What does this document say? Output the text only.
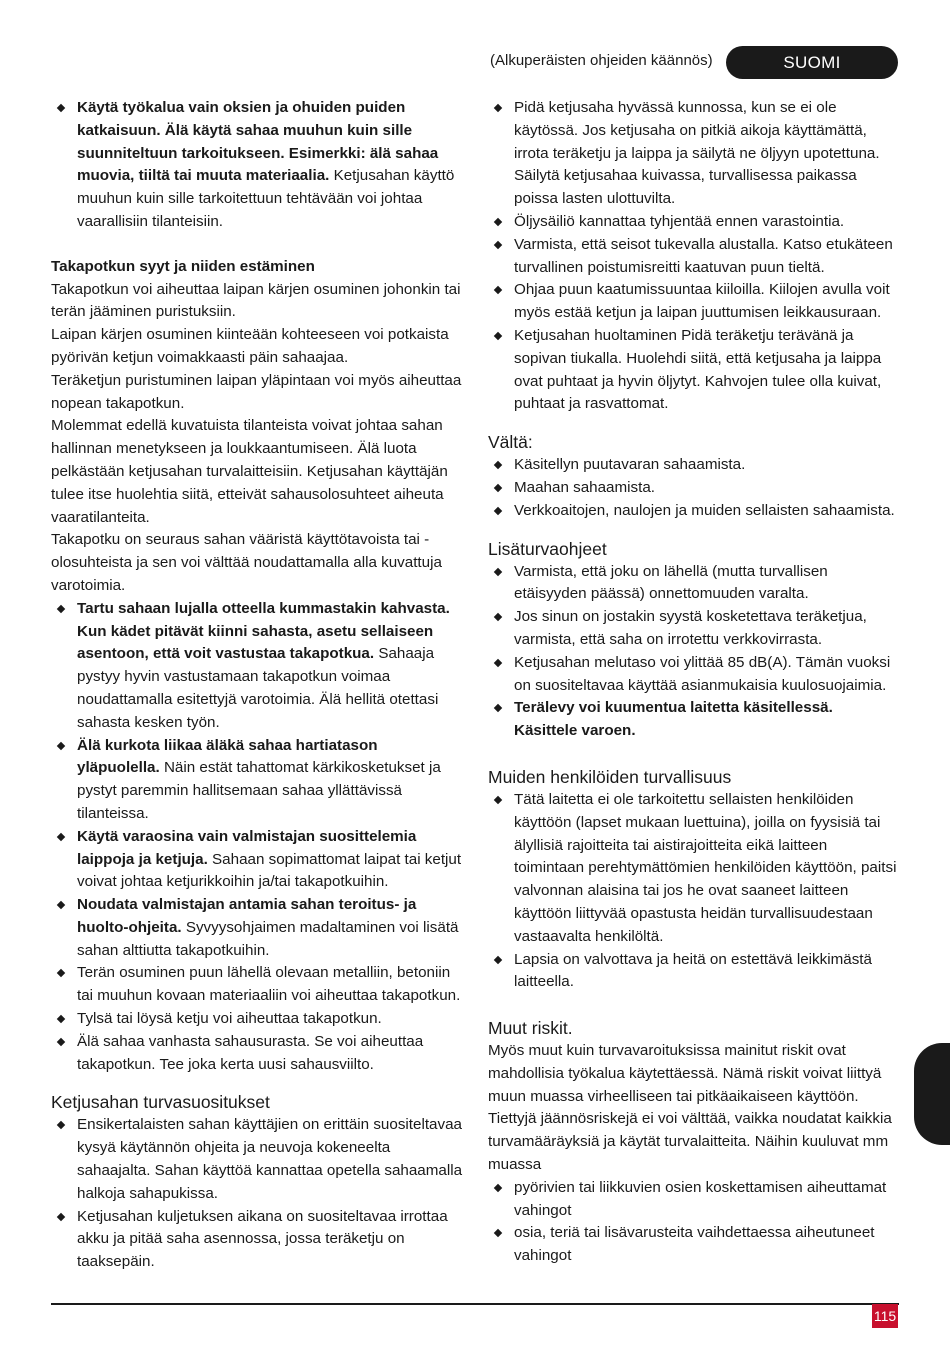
(Alkuperäisten ohjeiden käännös)	SUOMI
Käytä työkalua vain oksien ja ohuiden puiden katkaisuun. Älä käytä sahaa muuhun kuin sille suunniteltuun tarkoitukseen. Esimerkki: älä sahaa muovia, tiiltä tai muuta materiaalia. Ketjusahan käyttö muuhun kuin sille tarkoitettuun tehtävään voi johtaa vaarallisiin tilanteisiin.
Takapotkun syyt ja niiden estäminen

Takapotkun voi aiheuttaa laipan kärjen osuminen johonkin tai terän jääminen puristuksiin.

Laipan kärjen osuminen kiinteään kohteeseen voi potkaista pyörivän ketjun voimakkaasti päin sahaajaa.

Teräketjun puristuminen laipan yläpintaan voi myös aiheuttaa nopean takapotkun.

Molemmat edellä kuvatuista tilanteista voivat johtaa sahan hallinnan menetykseen ja loukkaantumiseen. Älä luota pelkästään ketjusahan turvalaitteisiin. Ketjusahan käyttäjän tulee itse huolehtia siitä, etteivät sahausolosuhteet aiheuta vaaratilanteita.

Takapotku on seuraus sahan vääristä käyttötavoista tai -olosuhteista ja sen voi välttää noudattamalla alla kuvattuja varotoimia.

Tartu sahaan lujalla otteella kummastakin kahvasta. Kun kädet pitävät kiinni sahasta, asetu sellaiseen asentoon, että voit vastustaa takapotkua. Sahaaja pystyy hyvin vastustamaan takapotkun voimaa noudattamalla esitettyjä varotoimia. Älä hellitä otettasi sahasta kesken työn.
Älä kurkota liikaa äläkä sahaa hartiatason yläpuolella. Näin estät tahattomat kärkikosketukset ja pystyt paremmin hallitsemaan sahaa yllättävissä tilanteissa.
Käytä varaosina vain valmistajan suosittelemia laippoja ja ketjuja. Sahaan sopimattomat laipat tai ketjut voivat johtaa ketjurikkoihin ja/tai takapotkuihin.
Noudata valmistajan antamia sahan teroitus- ja huolto-ohjeita. Syvyysohjaimen madaltaminen voi lisätä sahan alttiutta takapotkuihin.
Terän osuminen puun lähellä olevaan metalliin, betoniin tai muuhun kovaan materiaaliin voi aiheuttaa takapotkun.
Tylsä tai löysä ketju voi aiheuttaa takapotkun.
Älä sahaa vanhasta sahausurasta. Se voi aiheuttaa takapotkun. Tee joka kerta uusi sahausviilto.
Ketjusahan turvasuositukset
Ensikertalaisten sahan käyttäjien on erittäin suositeltavaa kysyä käytännön ohjeita ja neuvoja kokeneelta sahaajalta. Sahan käyttöä kannattaa opetella sahaamalla halkoja sahapukissa.
Ketjusahan kuljetuksen aikana on suositeltavaa irrottaa akku ja pitää saha asennossa, jossa teräketju on taaksepäin.
Pidä ketjusaha hyvässä kunnossa, kun se ei ole käytössä. Jos ketjusaha on pitkiä aikoja käyttämättä, irrota teräketju ja laippa ja säilytä ne öljyyn upotettuna. Säilytä ketjusahaa kuivassa, turvallisessa paikassa poissa lasten ulottuvilta.
Öljysäiliö kannattaa tyhjentää ennen varastointia.
Varmista, että seisot tukevalla alustalla. Katso etukäteen turvallinen poistumisreitti kaatuvan puun tieltä.
Ohjaa puun kaatumissuuntaa kiiloilla. Kiilojen avulla voit myös estää ketjun ja laipan juuttumisen leikkausuraan.
Ketjusahan huoltaminen Pidä teräketju terävänä ja sopivan tiukalla. Huolehdi siitä, että ketjusaha ja laippa ovat puhtaat ja hyvin öljytyt. Kahvojen tulee olla kuivat, puhtaat ja rasvattomat.
Vältä:
Käsitellyn puutavaran sahaamista.
Maahan sahaamista.
Verkkoaitojen, naulojen ja muiden sellaisten sahaamista.
Lisäturvaohjeet
Varmista, että joku on lähellä (mutta turvallisen etäisyyden päässä) onnettomuuden varalta.
Jos sinun on jostakin syystä kosketettava teräketjua, varmista, että saha on irrotettu verkkovirrasta.
Ketjusahan melutaso voi ylittää 85 dB(A). Tämän vuoksi on suositeltavaa käyttää asianmukaisia kuulosuojaimia.
Terälevy voi kuumentua laitetta käsitellessä. Käsittele varoen.
Muiden henkilöiden turvallisuus
Tätä laitetta ei ole tarkoitettu sellaisten henkilöiden käyttöön (lapset mukaan luettuina), joilla on fyysisiä tai älyllisiä rajoitteita tai aistirajoitteita eikä laitteen toimintaan perehtymättömien henkilöiden käyttöön, paitsi valvonnan alaisina tai jos he ovat saaneet laitteen käyttöön liittyvää opastusta heidän turvallisuudestaan vastaavalta henkilöltä.
Lapsia on valvottava ja heitä on estettävä leikkimästä laitteella.
Muut riskit.

Myös muut kuin turvavaroituksissa mainitut riskit ovat mahdollisia työkalua käytettäessä. Nämä riskit voivat liittyä muun muassa virheelliseen tai pitkäaikaiseen käyttöön.

Tiettyjä jäännösriskejä ei voi välttää, vaikka noudatat kaikkia turvamääräyksiä ja käytät turvalaitteita. Näihin kuuluvat mm muassa

pyörivien tai liikkuvien osien koskettamisen aiheuttamat vahingot
osia, teriä tai lisävarusteita vaihdettaessa aiheutuneet vahingot
115
